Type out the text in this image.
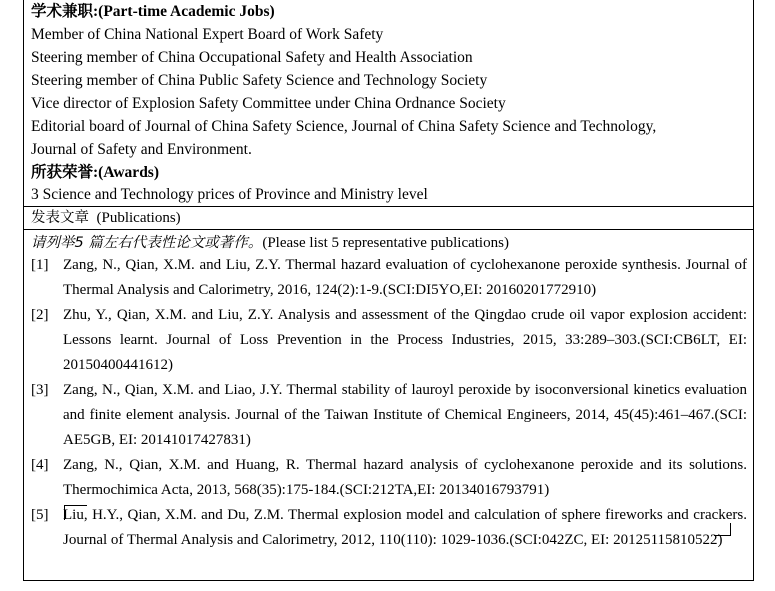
学术兼职:(Part-time Academic Jobs)
Member of China National Expert Board of Work Safety
Steering member of China Occupational Safety and Health Association
Steering member of China Public Safety Science and Technology Society
Vice director of Explosion Safety Committee under China Ordnance Society
Editorial board of Journal of China Safety Science, Journal of China Safety Science and Technology,
Journal of Safety and Environment.
所获荣誉:(Awards)
3 Science and Technology prices of Province and Ministry level
发表文章 (Publications)
请列举5 篇左右代表性论文或著作。(Please list 5 representative publications)
[1] Zang, N., Qian, X.M. and Liu, Z.Y. Thermal hazard evaluation of cyclohexanone peroxide synthesis. Journal of Thermal Analysis and Calorimetry, 2016, 124(2):1-9.(SCI:DI5YO,EI: 20160201772910)
[2] Zhu, Y., Qian, X.M. and Liu, Z.Y. Analysis and assessment of the Qingdao crude oil vapor explosion accident: Lessons learnt. Journal of Loss Prevention in the Process Industries, 2015, 33:289–303.(SCI:CB6LT, EI: 20150400441612)
[3] Zang, N., Qian, X.M. and Liao, J.Y. Thermal stability of lauroyl peroxide by isoconversional kinetics evaluation and finite element analysis. Journal of the Taiwan Institute of Chemical Engineers, 2014, 45(45):461–467.(SCI: AE5GB, EI: 20141017427831)
[4] Zang, N., Qian, X.M. and Huang, R. Thermal hazard analysis of cyclohexanone peroxide and its solutions. Thermochimica Acta, 2013, 568(35):175-184.(SCI:212TA,EI: 20134016793791)
[5] Liu, H.Y., Qian, X.M. and Du, Z.M. Thermal explosion model and calculation of sphere fireworks and crackers. Journal of Thermal Analysis and Calorimetry, 2012, 110(110): 1029-1036.(SCI:042ZC, EI: 20125115810522)
